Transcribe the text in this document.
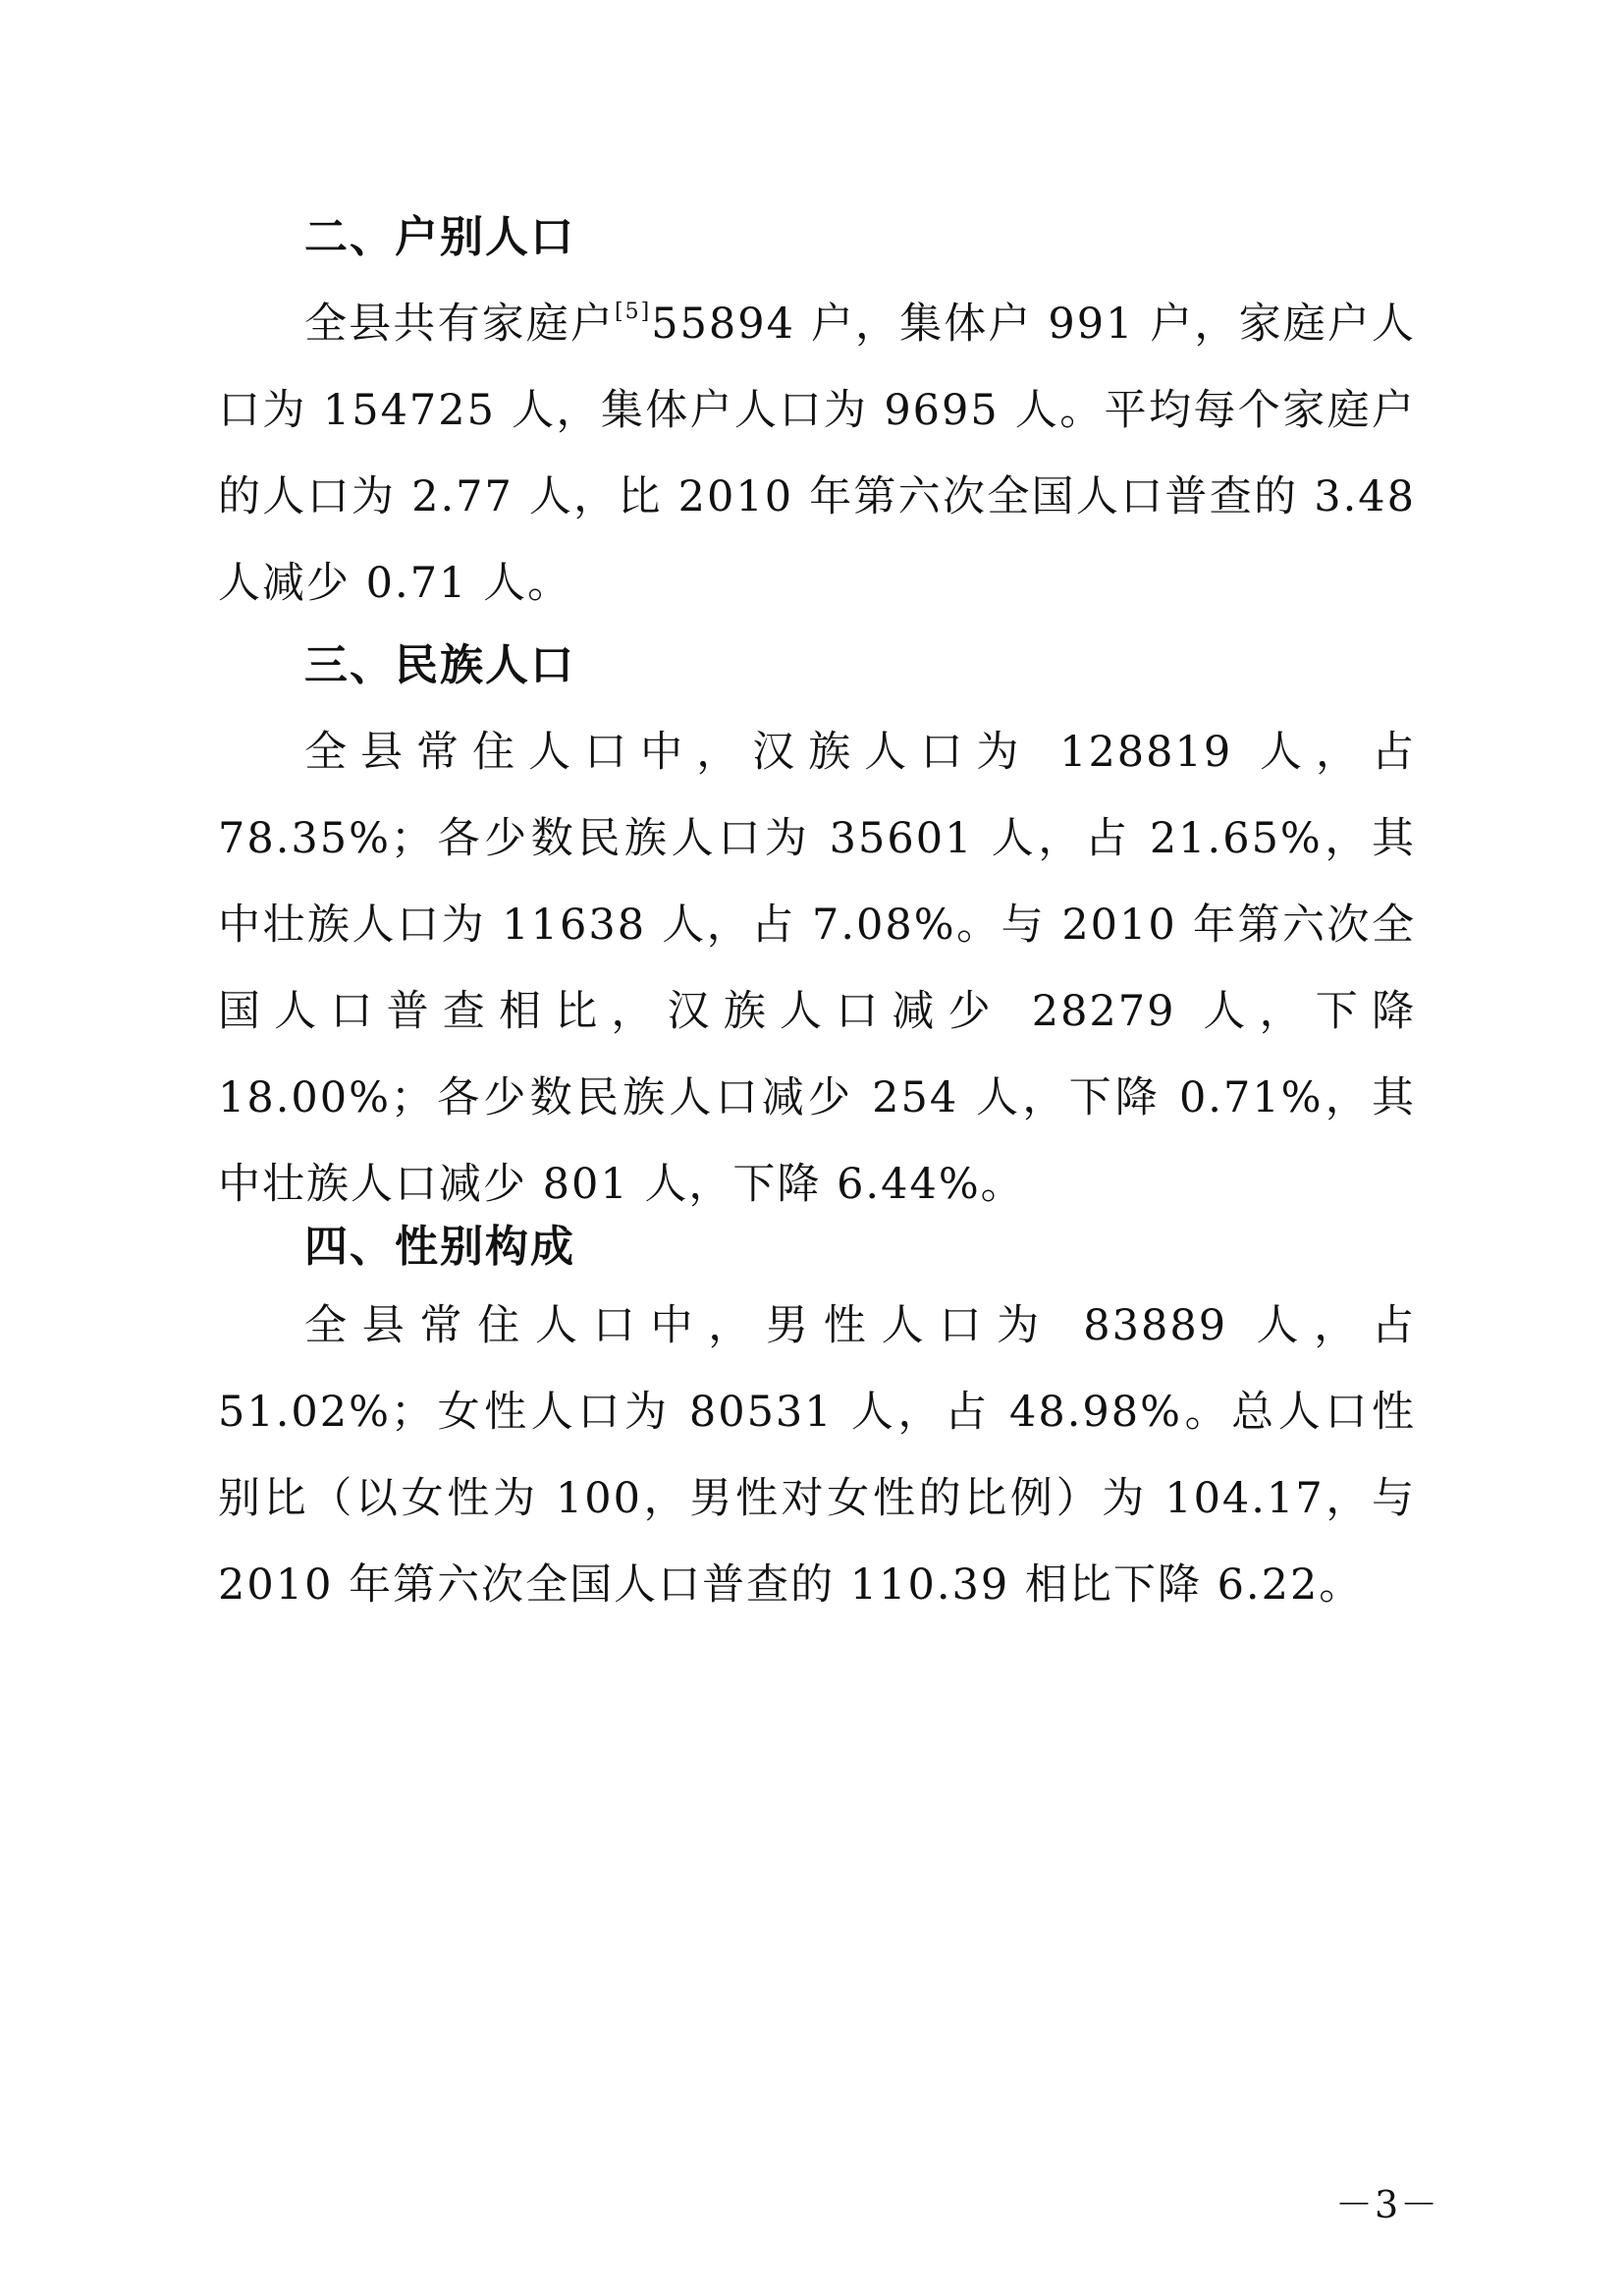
二、户别人口

全县共有家庭户[5]55894 户，集体户 991 户，家庭户人口为 154725 人，集体户人口为 9695 人。平均每个家庭户的人口为 2.77 人，比 2010 年第六次全国人口普查的 3.48 人减少 0.71 人。

三、民族人口

全县常住人口中，汉族人口为 128819 人，占 78.35%；各少数民族人口为 35601 人，占 21.65%，其中壮族人口为 11638 人，占 7.08%。与 2010 年第六次全国人口普查相比，汉族人口减少 28279 人，下降 18.00%；各少数民族人口减少 254 人，下降 0.71%，其中壮族人口减少 801 人，下降 6.44%。

四、性别构成

全县常住人口中，男性人口为 83889 人，占 51.02%；女性人口为 80531 人，占 48.98%。总人口性别比（以女性为 100，男性对女性的比例）为 104.17，与 2010 年第六次全国人口普查的 110.39 相比下降 6.22。

－3－
